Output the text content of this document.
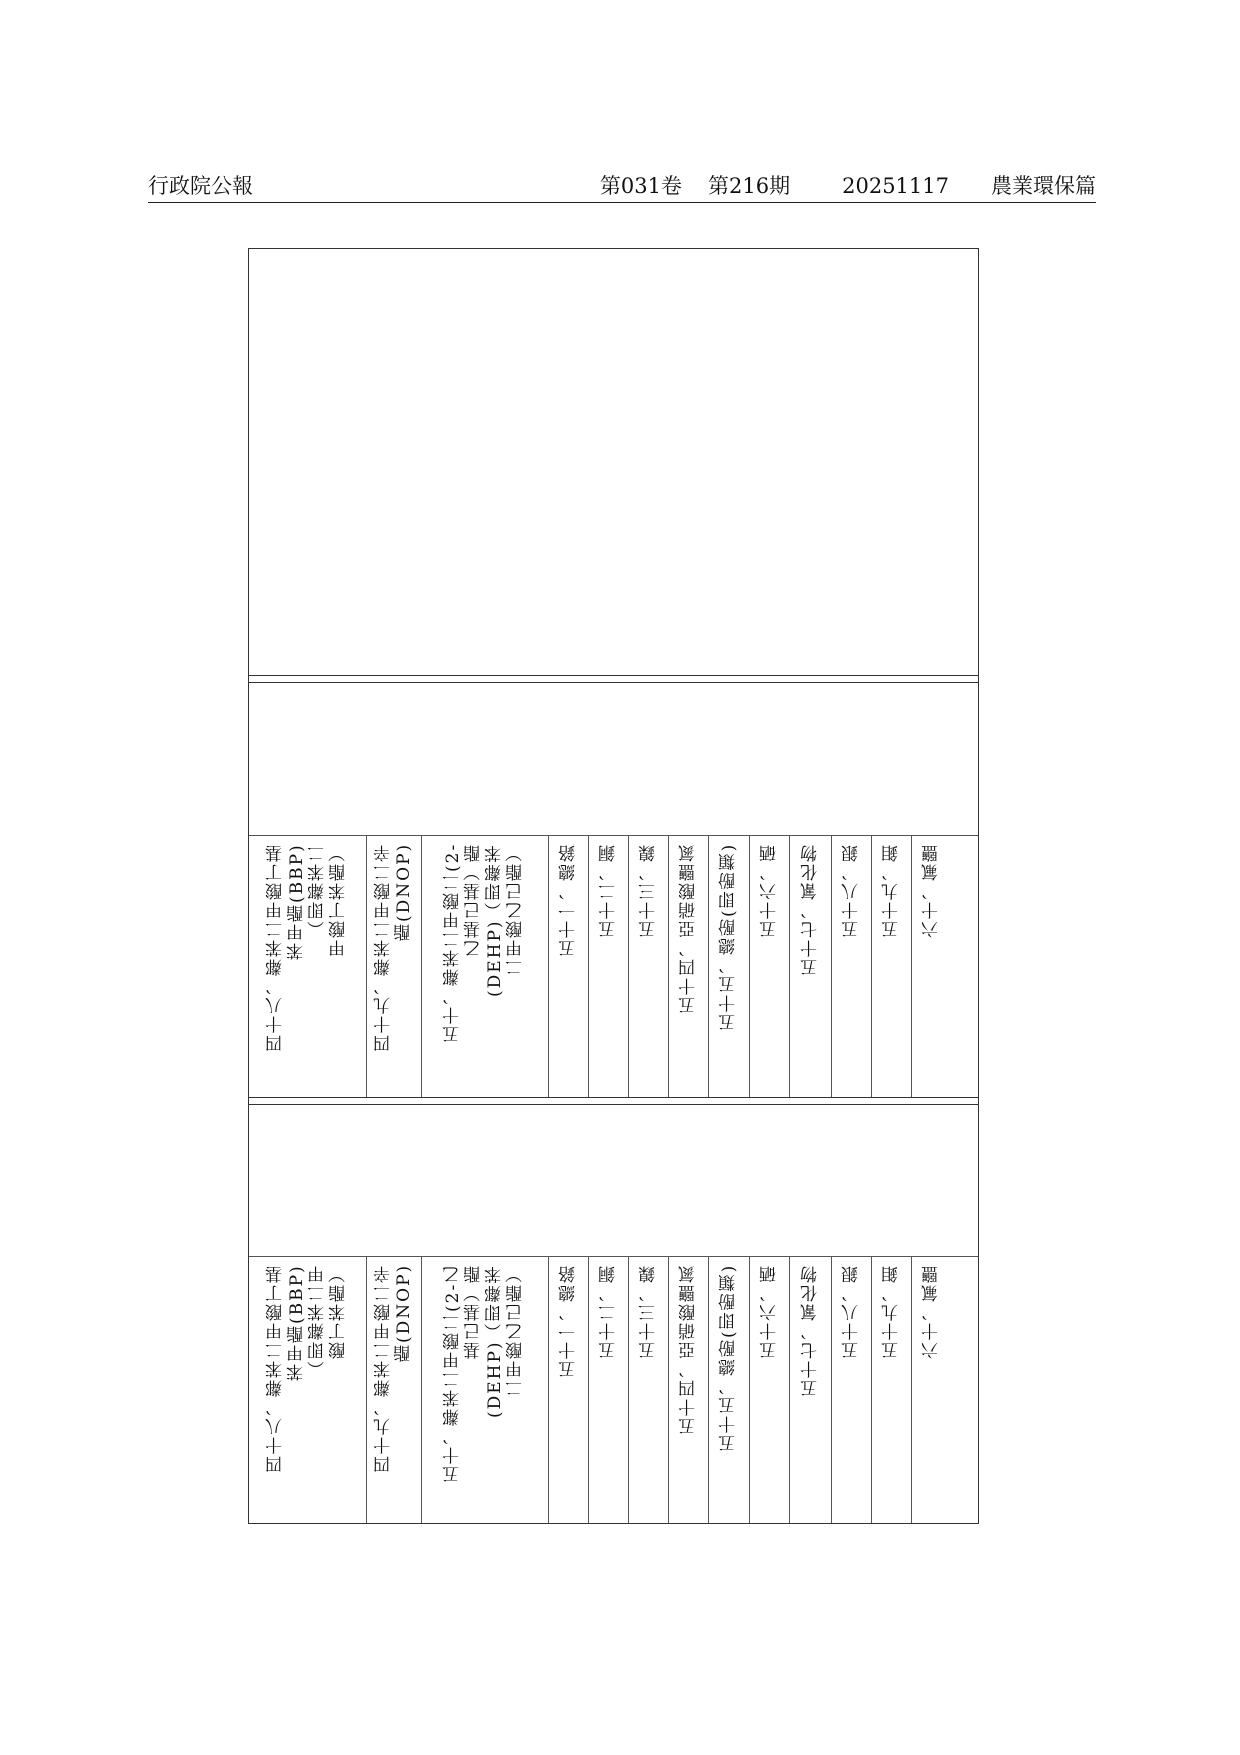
行政院公報	第031卷 第216期 20251117 農業環保篇
四十八、鄰苯二甲酸丁基
苯甲酯(BBP)
（即鄰苯二
甲酸丁苯酯） 四十九、鄰苯二甲酸二辛
酯(DNOP) 五十、鄰苯二甲酸二(2-
乙基己基）酯
(DEHP)（即鄰苯
二甲酸乙己酯） 五十一、總鉻 五十二、銅 五十三、鎳 五十四、亞硝酸鹽氮 五十五、總酚(即酚類) 五十六、硒 五十七、氰化物 五十八、銀 五十九、鉬 六十、氟鹽
四十八、鄰苯二甲酸丁基
苯甲酯(BBP)
（即鄰苯二甲
酸丁苯酯） 四十九、鄰苯二甲酸二辛
酯(DNOP) 五十、鄰苯二甲酸二(2-乙
基己基）酯
(DEHP)（即鄰苯
二甲酸乙己酯） 五十一、總鉻 五十二、銅 五十三、鎳 五十四、亞硝酸鹽氮 五十五、總酚(即酚類) 五十六、硒 五十七、氰化物 五十八、銀 五十九、鉬 六十、氟鹽
